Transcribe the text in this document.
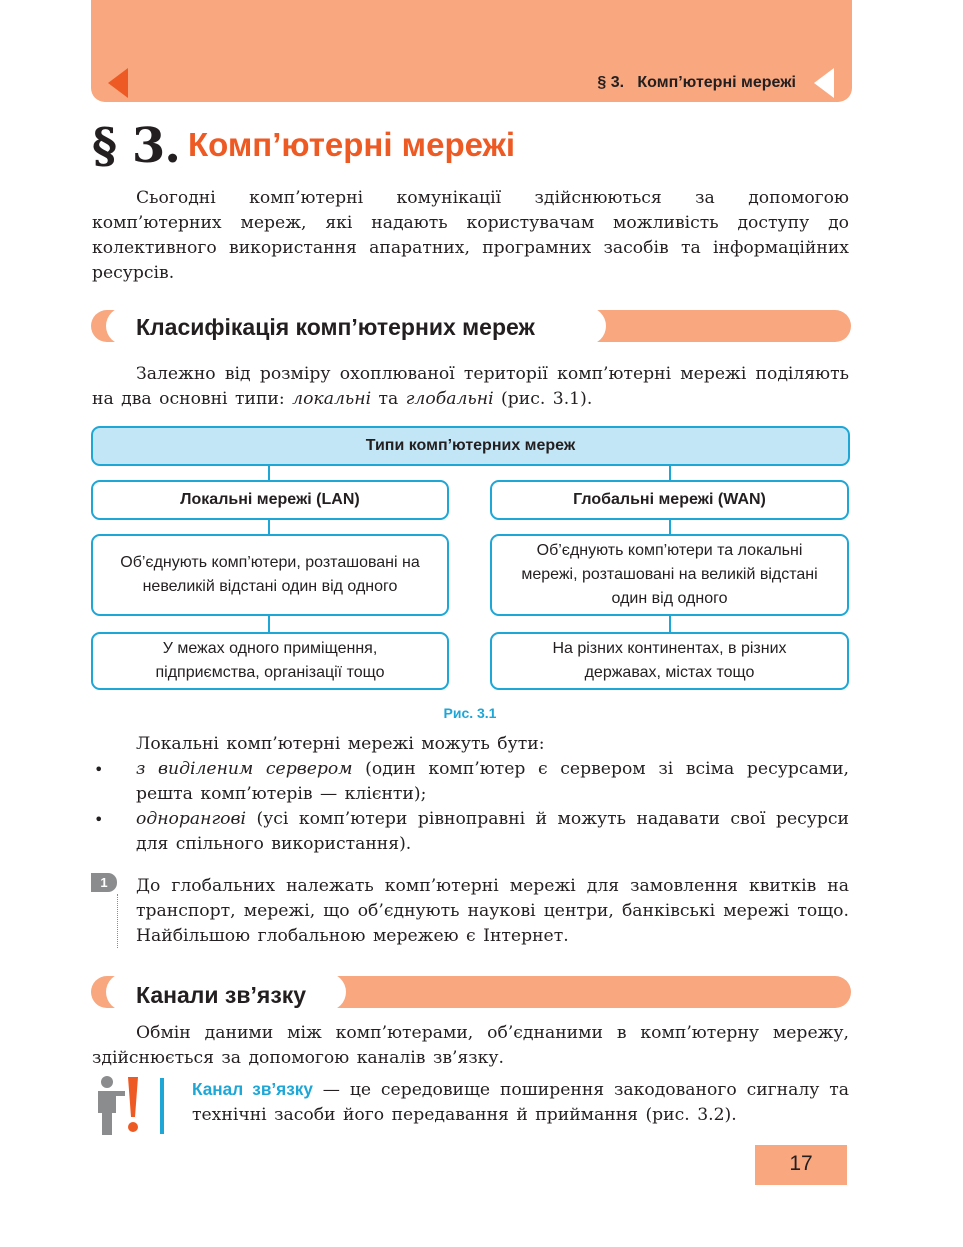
§ 3. Комп’ютерні мережі
§ 3. Комп’ютерні мережі

Сьогодні комп’ютерні комунікації здійснюються за допомогою комп’ютерних мереж, які надають користувачам можливість доступу до колективного використання апаратних, програмних засобів та інформаційних ресурсів.

Класифікація комп’ютерних мереж

Залежно від розміру охоплюваної території комп’ютерні мережі поділяють на два основні типи: локальні та глобальні (рис. 3.1).

Типи комп’ютерних мереж
Локальні мережі (LAN)	Глобальні мережі (WAN)
Об’єднують комп’ютери, розташовані на невеликій відстані один від одного
Об’єднують комп’ютери та локальні мережі, розташовані на великій відстані один від одного
У межах одного приміщення, підприємства, організації тощо
На різних континентах, в різних державах, містах тощо
Рис. 3.1

Локальні комп’ютерні мережі можуть бути:

• з виділеним сервером (один комп’ютер є сервером зі всіма ресурсами, решта комп’ютерів — клієнти);

• однорангові (усі комп’ютери рівноправні й можуть надавати свої ресурси для спільного використання).

1	До глобальних належать комп’ютерні мережі для замовлення квитків на транспорт, мережі, що об’єднують наукові центри, банківські мережі тощо. Найбільшою глобальною мережею є Інтернет.

Канали зв’язку

Обмін даними між комп’ютерами, об’єднаними в комп’ютерну мережу, здійснюється за допомогою каналів зв’язку.

Канал зв’язку — це середовище поширення закодованого сигналу та технічні засоби його передавання й приймання (рис. 3.2).

17
